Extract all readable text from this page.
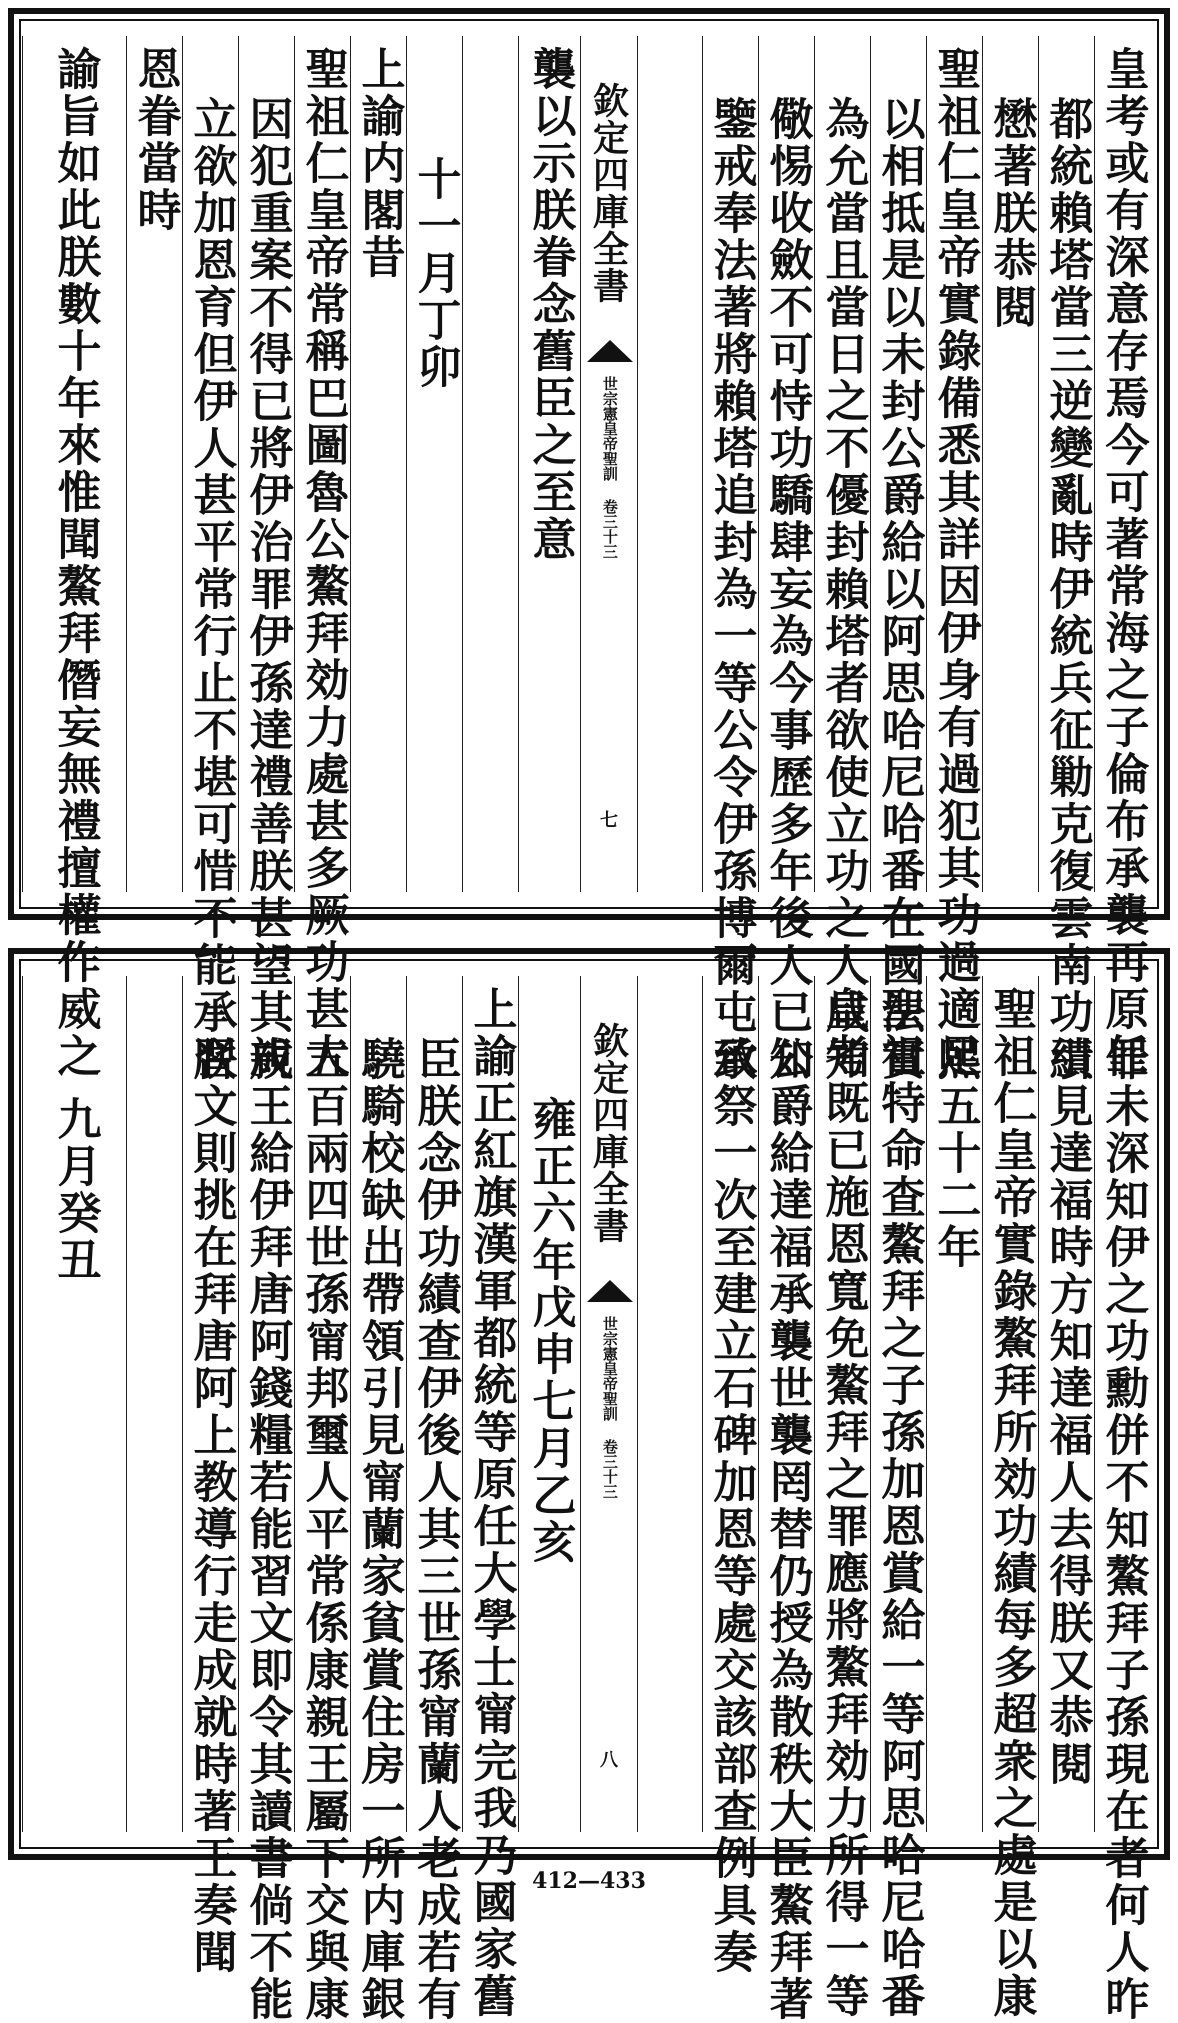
皇考或有深意存焉今可著常海之子倫布承襲再原任
都統賴塔當三逆變亂時伊統兵征勦克復雲南功績
懋著朕恭閱
聖祖仁皇帝實錄備悉其詳因伊身有過犯其功過適足
以相抵是以未封公爵給以阿思哈尼哈番在國法實
為允當且當日之不優封賴塔者欲使立功之人咸知
儆惕收斂不可恃功驕肆妄為今事歷多年後人已知
鑒戒奉法著將賴塔追封為一等公令伊孫博爾屯承
欽定四庫全書
世宗憲皇帝聖訓 卷三十三
七
襲以示朕眷念舊臣之至意
十一月丁卯
上諭内閣昔
聖祖仁皇帝常稱巴圖魯公鰲拜効力處甚多厥功甚大
因犯重案不得已將伊治罪伊孫達禮善朕甚望其成
立欲加恩育但伊人甚平常行止不堪可惜不能承朕
恩眷當時
諭旨如此朕數十年來惟聞鰲拜僭妄無禮擅權作威之
罪未深知伊之功勳併不知鰲拜子孫現在者何人昨
引見達福時方知達福人去得朕又恭閱
聖祖仁皇帝實錄鰲拜所効功績每多超衆之處是以康
熙五十二年
聖祖特命查鰲拜之子孫加恩賞給一等阿思哈尼哈番
皇考既已施恩寬免鰲拜之罪應將鰲拜効力所得一等
公爵給達福承襲世襲罔替仍授為散秩大臣鰲拜著
致祭一次至建立石碑加恩等處交該部查例具奏
欽定四庫全書
世宗憲皇帝聖訓 卷三十三
八
雍正六年戊申七月乙亥
上諭正紅旗漢軍都統等原任大學士甯完我乃國家舊
臣朕念伊功績查伊後人其三世孫甯蘭人老成若有
驍騎校缺出帶領引見甯蘭家貧賞住房一所内庫銀
五百兩四世孫甯邦璽人平常係康親王屬下交與康
親王給伊拜唐阿錢糧若能習文即令其讀書倘不能
習文則挑在拜唐阿上教導行走成就時著王奏聞
九月癸丑
412—433
